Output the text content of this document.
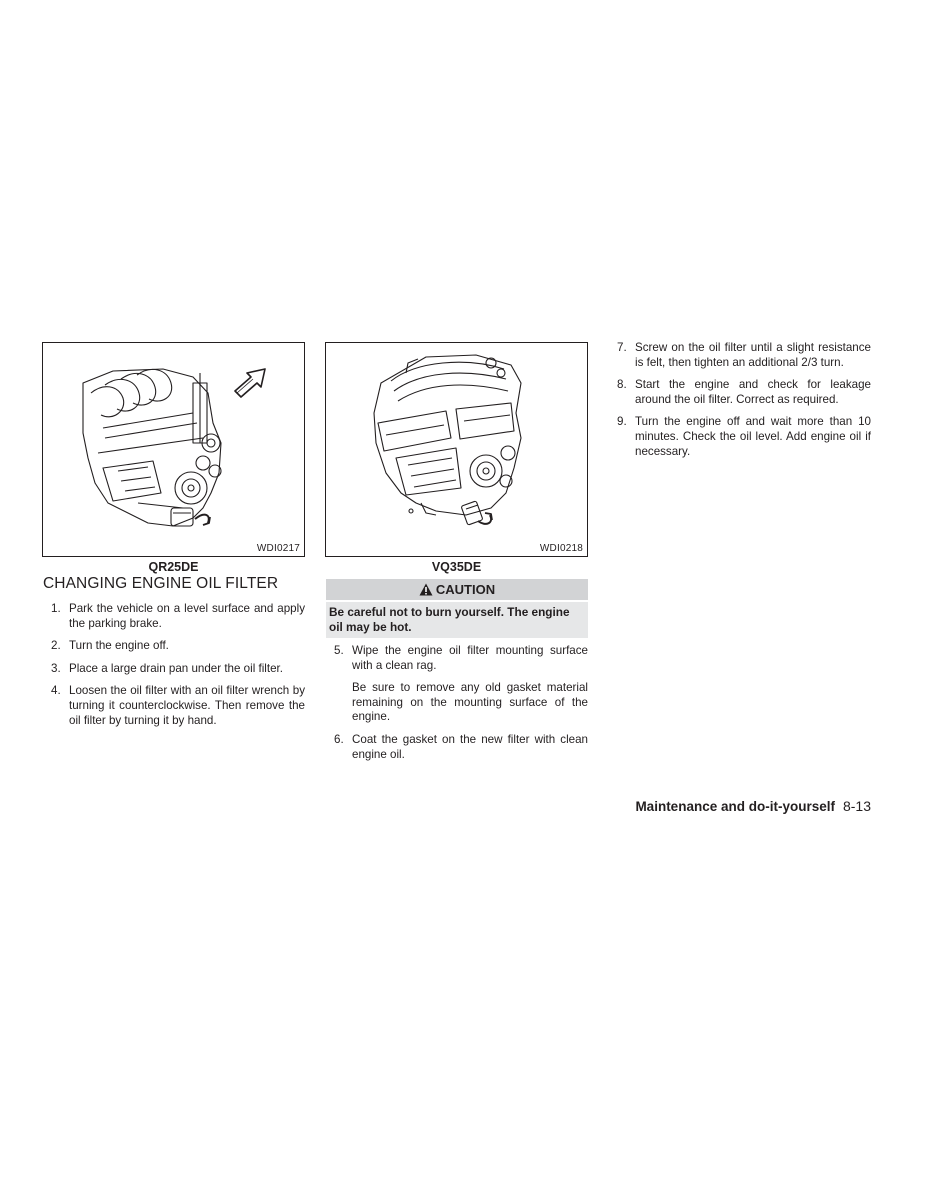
WDI0217
QR25DE
WDI0218
VQ35DE
CHANGING ENGINE OIL FILTER
1. Park the vehicle on a level surface and apply the parking brake.
2. Turn the engine off.
3. Place a large drain pan under the oil filter.
4. Loosen the oil filter with an oil filter wrench by turning it counterclockwise. Then remove the oil filter by turning it by hand.
CAUTION
Be careful not to burn yourself. The engine oil may be hot.
5. Wipe the engine oil filter mounting surface with a clean rag.

Be sure to remove any old gasket material remaining on the mounting surface of the engine.

6. Coat the gasket on the new filter with clean engine oil.
7. Screw on the oil filter until a slight resistance is felt, then tighten an additional 2/3 turn.
8. Start the engine and check for leakage around the oil filter. Correct as required.
9. Turn the engine off and wait more than 10 minutes. Check the oil level. Add engine oil if necessary.
Maintenance and do-it-yourself 8-13
